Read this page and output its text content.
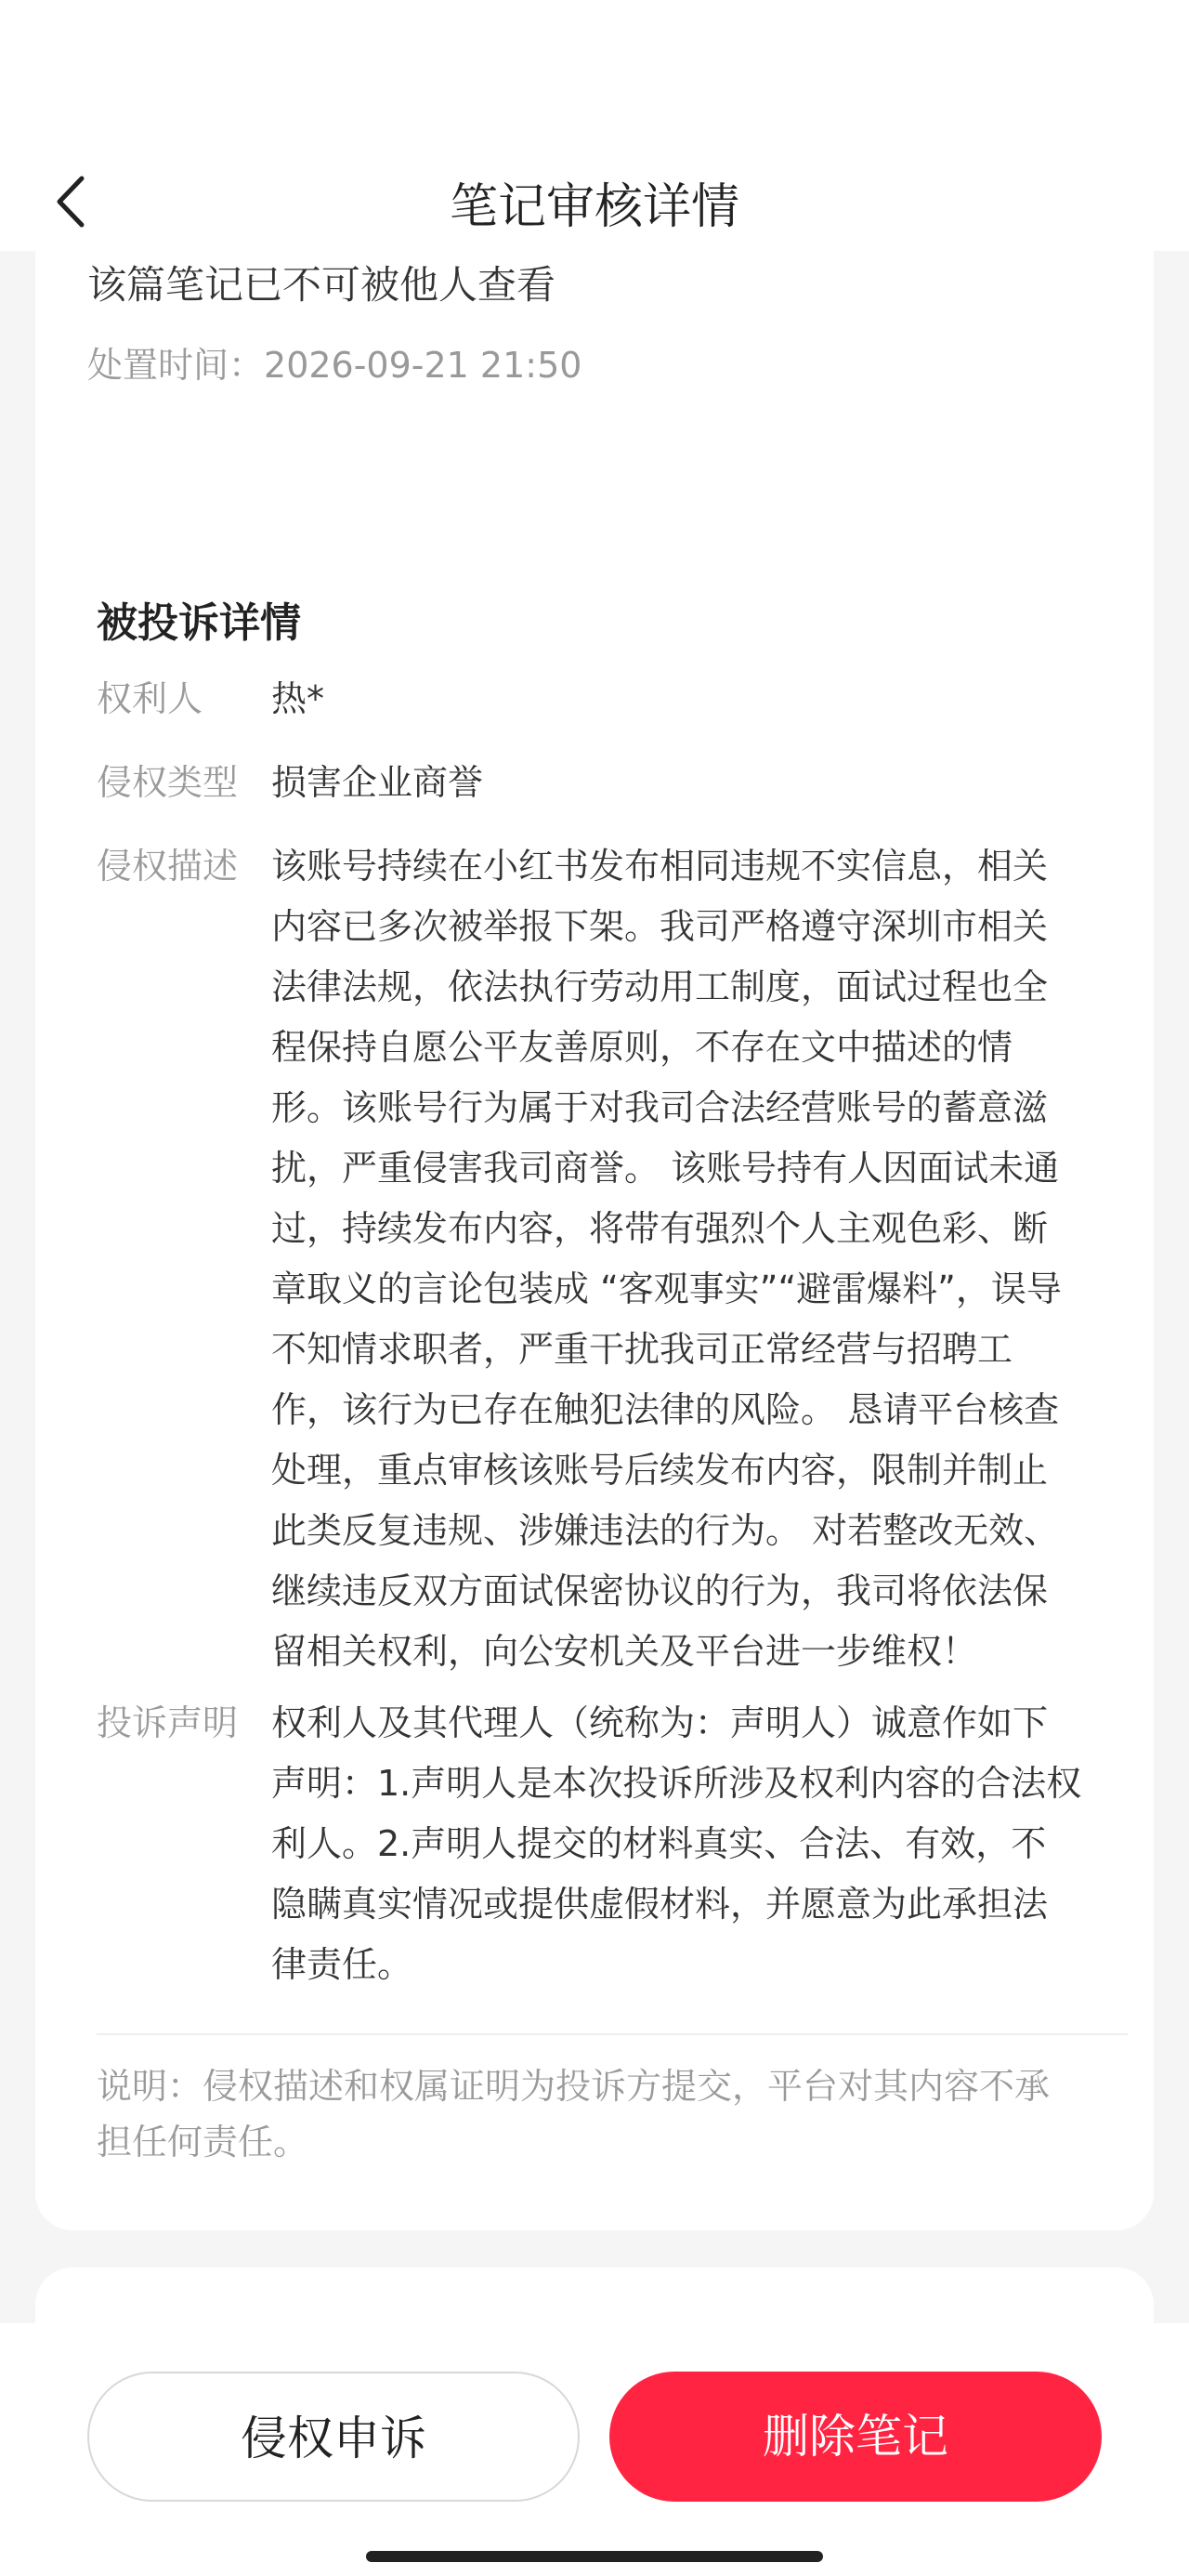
笔记审核详情
该篇笔记已不可被他人查看
处置时间：2026-09-21 21:50
被投诉详情
权利人	热*
侵权类型 损害企业商誉
侵权描述 该账号持续在小红书发布相同违规不实信息，相关
内容已多次被举报下架。我司严格遵守深圳市相关
法律法规，依法执行劳动用工制度，面试过程也全
程保持自愿公平友善原则，不存在文中描述的情
形。该账号行为属于对我司合法经营账号的蓄意滋
扰，严重侵害我司商誉。 该账号持有人因面试未通
过，持续发布内容，将带有强烈个人主观色彩、断
章取义的言论包装成 “客观事实”“避雷爆料”，误导
不知情求职者，严重干扰我司正常经营与招聘工
作，该行为已存在触犯法律的风险。 恳请平台核查
处理，重点审核该账号后续发布内容，限制并制止
此类反复违规、涉嫌违法的行为。 对若整改无效、
继续违反双方面试保密协议的行为，我司将依法保
留相关权利，向公安机关及平台进一步维权！
投诉声明 权利人及其代理人（统称为：声明人）诚意作如下
声明：1.声明人是本次投诉所涉及权利内容的合法权
利人。2.声明人提交的材料真实、合法、有效，不
隐瞒真实情况或提供虚假材料，并愿意为此承担法
律责任。
说明：侵权描述和权属证明为投诉方提交，平台对其内容不承
担任何责任。
侵权申诉	删除笔记
